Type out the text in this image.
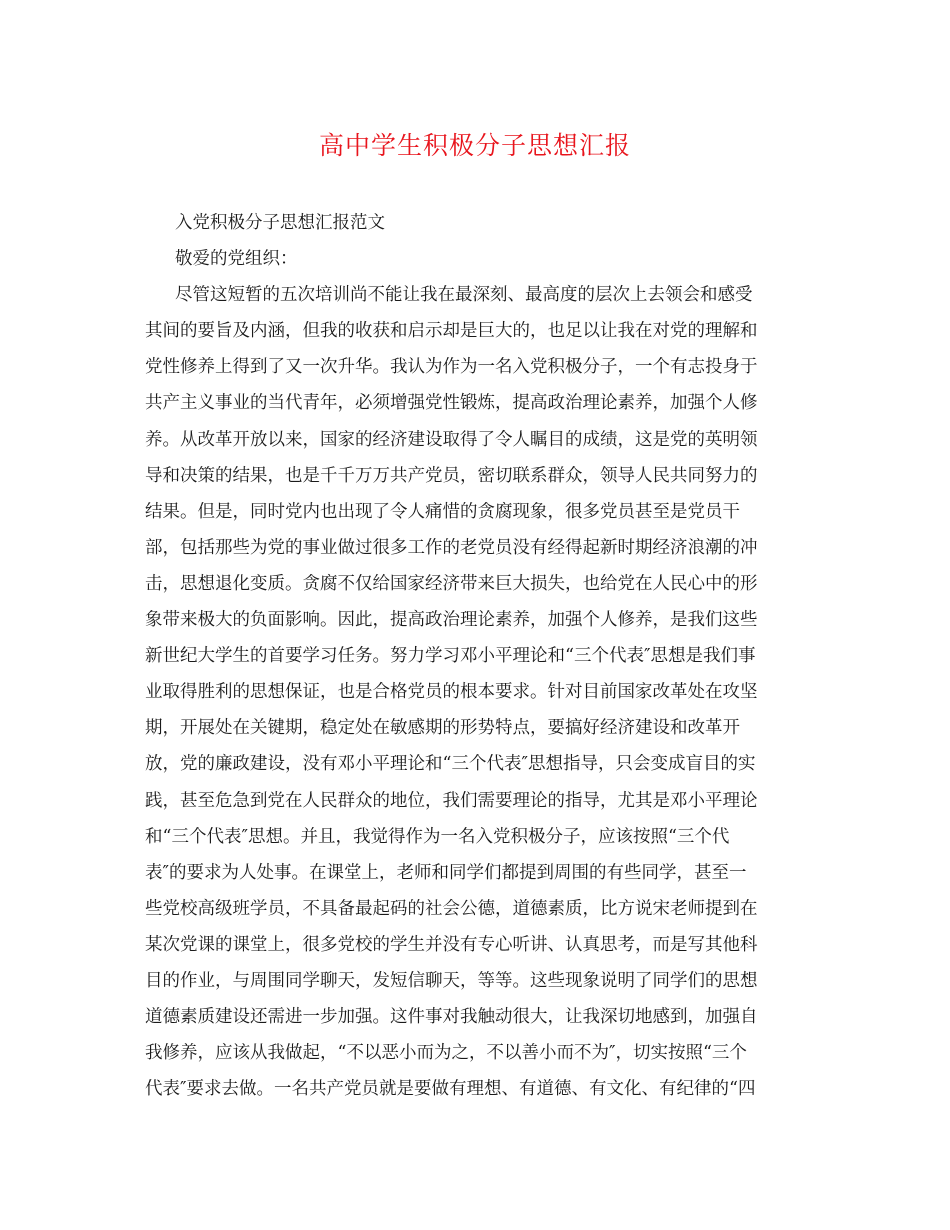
高中学生积极分子思想汇报
入党积极分子思想汇报范文
敬爱的党组织：
尽管这短暂的五次培训尚不能让我在最深刻、最高度的层次上去领会和感受
其间的要旨及内涵，但我的收获和启示却是巨大的，也足以让我在对党的理解和
党性修养上得到了又一次升华。我认为作为一名入党积极分子，一个有志投身于
共产主义事业的当代青年，必须增强党性锻炼，提高政治理论素养，加强个人修
养。从改革开放以来，国家的经济建设取得了令人瞩目的成绩，这是党的英明领
导和决策的结果，也是千千万万共产党员，密切联系群众，领导人民共同努力的
结果。但是，同时党内也出现了令人痛惜的贪腐现象，很多党员甚至是党员干
部，包括那些为党的事业做过很多工作的老党员没有经得起新时期经济浪潮的冲
击，思想退化变质。贪腐不仅给国家经济带来巨大损失，也给党在人民心中的形
象带来极大的负面影响。因此，提高政治理论素养，加强个人修养，是我们这些
新世纪大学生的首要学习任务。努力学习邓小平理论和“三个代表″思想是我们事
业取得胜利的思想保证，也是合格党员的根本要求。针对目前国家改革处在攻坚
期，开展处在关键期，稳定处在敏感期的形势特点，要搞好经济建设和改革开
放，党的廉政建设，没有邓小平理论和“三个代表″思想指导，只会变成盲目的实
践，甚至危急到党在人民群众的地位，我们需要理论的指导，尤其是邓小平理论
和“三个代表″思想。并且，我觉得作为一名入党积极分子，应该按照“三个代
表″的要求为人处事。在课堂上，老师和同学们都提到周围的有些同学，甚至一
些党校高级班学员，不具备最起码的社会公德，道德素质，比方说宋老师提到在
某次党课的课堂上，很多党校的学生并没有专心听讲、认真思考，而是写其他科
目的作业，与周围同学聊天，发短信聊天，等等。这些现象说明了同学们的思想
道德素质建设还需进一步加强。这件事对我触动很大，让我深切地感到，加强自
我修养，应该从我做起，“不以恶小而为之，不以善小而不为″，切实按照“三个
代表″要求去做。一名共产党员就是要做有理想、有道德、有文化、有纪律的“四
